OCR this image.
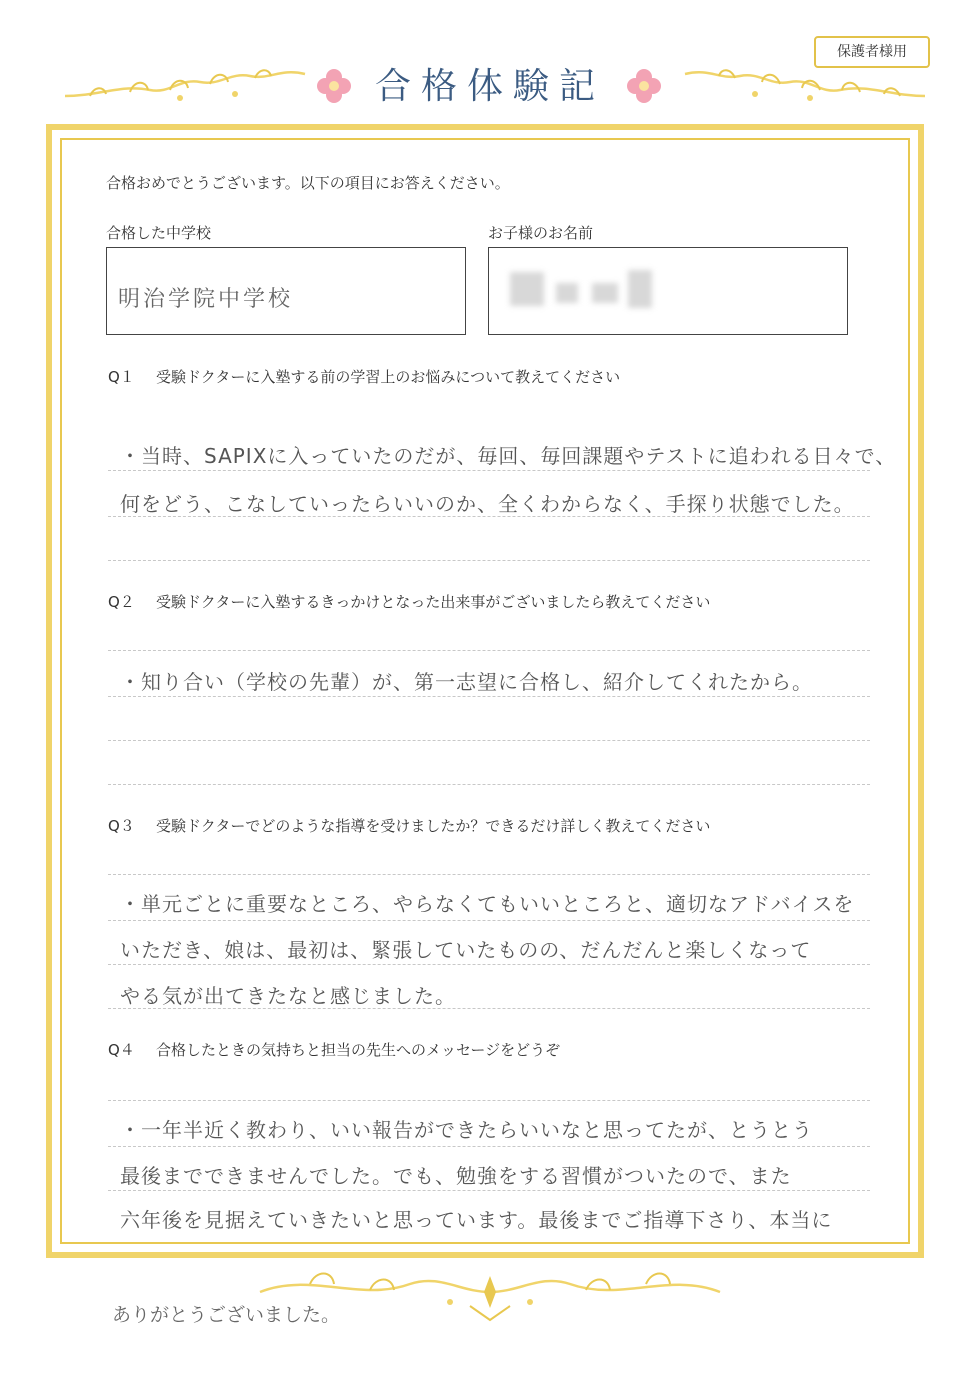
保護者様用
合格体験記
合格おめでとうございます。以下の項目にお答えください。
合格した中学校
明治学院中学校
お子様のお名前
Q１ 受験ドクターに入塾する前の学習上のお悩みについて教えてください
・当時、SAPIXに入っていたのだが、毎回、毎回課題やテストに追われる日々で、
何をどう、こなしていったらいいのか、全くわからなく、手探り状態でした。
Q２ 受験ドクターに入塾するきっかけとなった出来事がございましたら教えてください
・知り合い（学校の先輩）が、第一志望に合格し、紹介してくれたから。
Q３ 受験ドクターでどのような指導を受けましたか？できるだけ詳しく教えてください
・単元ごとに重要なところ、やらなくてもいいところと、適切なアドバイスを
いただき、娘は、最初は、緊張していたものの、だんだんと楽しくなって
やる気が出てきたなと感じました。
Q４ 合格したときの気持ちと担当の先生へのメッセージをどうぞ
・一年半近く教わり、いい報告ができたらいいなと思ってたが、とうとう
最後までできませんでした。でも、勉強をする習慣がついたので、また
六年後を見据えていきたいと思っています。最後までご指導下さり、本当に
ありがとうございました。
